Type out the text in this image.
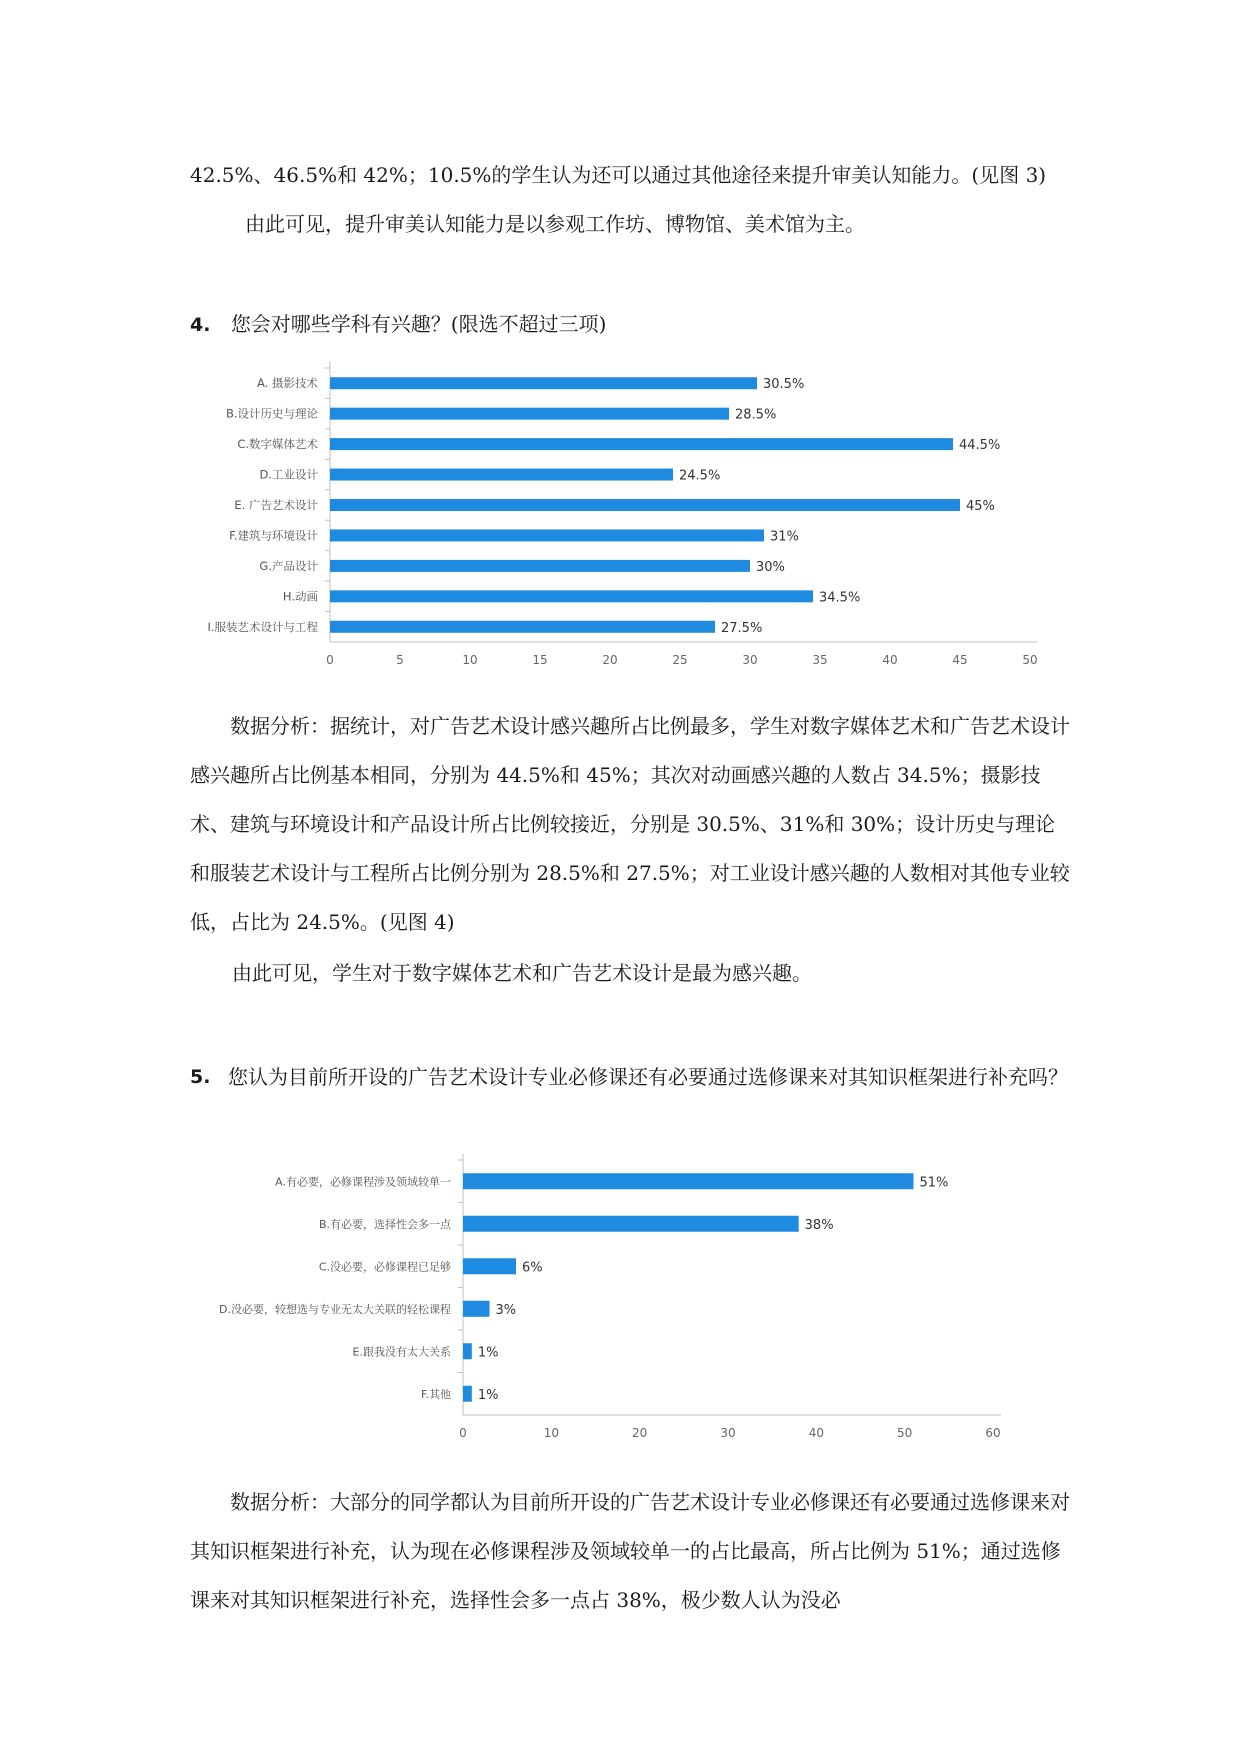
42.5%、46.5%和 42%；10.5%的学生认为还可以通过其他途径来提升审美认知能力。(见图 3)
由此可见，提升审美认知能力是以参观工作坊、博物馆、美术馆为主。
4. 您会对哪些学科有兴趣？(限选不超过三项)
A. 摄影技术	30.5%
B.设计历史与理论	28.5%
C.数字媒体艺术	44.5%
D.工业设计	24.5%
E. 广告艺术设计	45%
F.建筑与环境设计	31%
G.产品设计	30%
H.动画	34.5%
I.服装艺术设计与工程	27.5%
0	5	10	15	20	25	30	35	40	45	50

数据分析：据统计，对广告艺术设计感兴趣所占比例最多，学生对数字媒体艺术和广告艺术设计感兴趣所占比例基本相同，分别为 44.5%和 45%；其次对动画感兴趣的人数占 34.5%；摄影技术、建筑与环境设计和产品设计所占比例较接近，分别是 30.5%、31%和 30%；设计历史与理论和服装艺术设计与工程所占比例分别为 28.5%和 27.5%；对工业设计感兴趣的人数相对其他专业较低，占比为 24.5%。(见图 4)

由此可见，学生对于数字媒体艺术和广告艺术设计是最为感兴趣。
5. 您认为目前所开设的广告艺术设计专业必修课还有必要通过选修课来对其知识框架进行补充吗？
A.有必要，必修课程涉及领域较单一	51%
B.有必要，选择性会多一点	38%
C.没必要，必修课程已足够	6%
D.没必要，较想选与专业无太大关联的轻松课程	3%
E.跟我没有太大关系 1%
F.其他 1%
0	10	20	30	40	50	60

数据分析：大部分的同学都认为目前所开设的广告艺术设计专业必修课还有必要通过选修课来对其知识框架进行补充，认为现在必修课程涉及领域较单一的占比最高，所占比例为 51%；通过选修课来对其知识框架进行补充，选择性会多一点占 38%，极少数人认为没必
